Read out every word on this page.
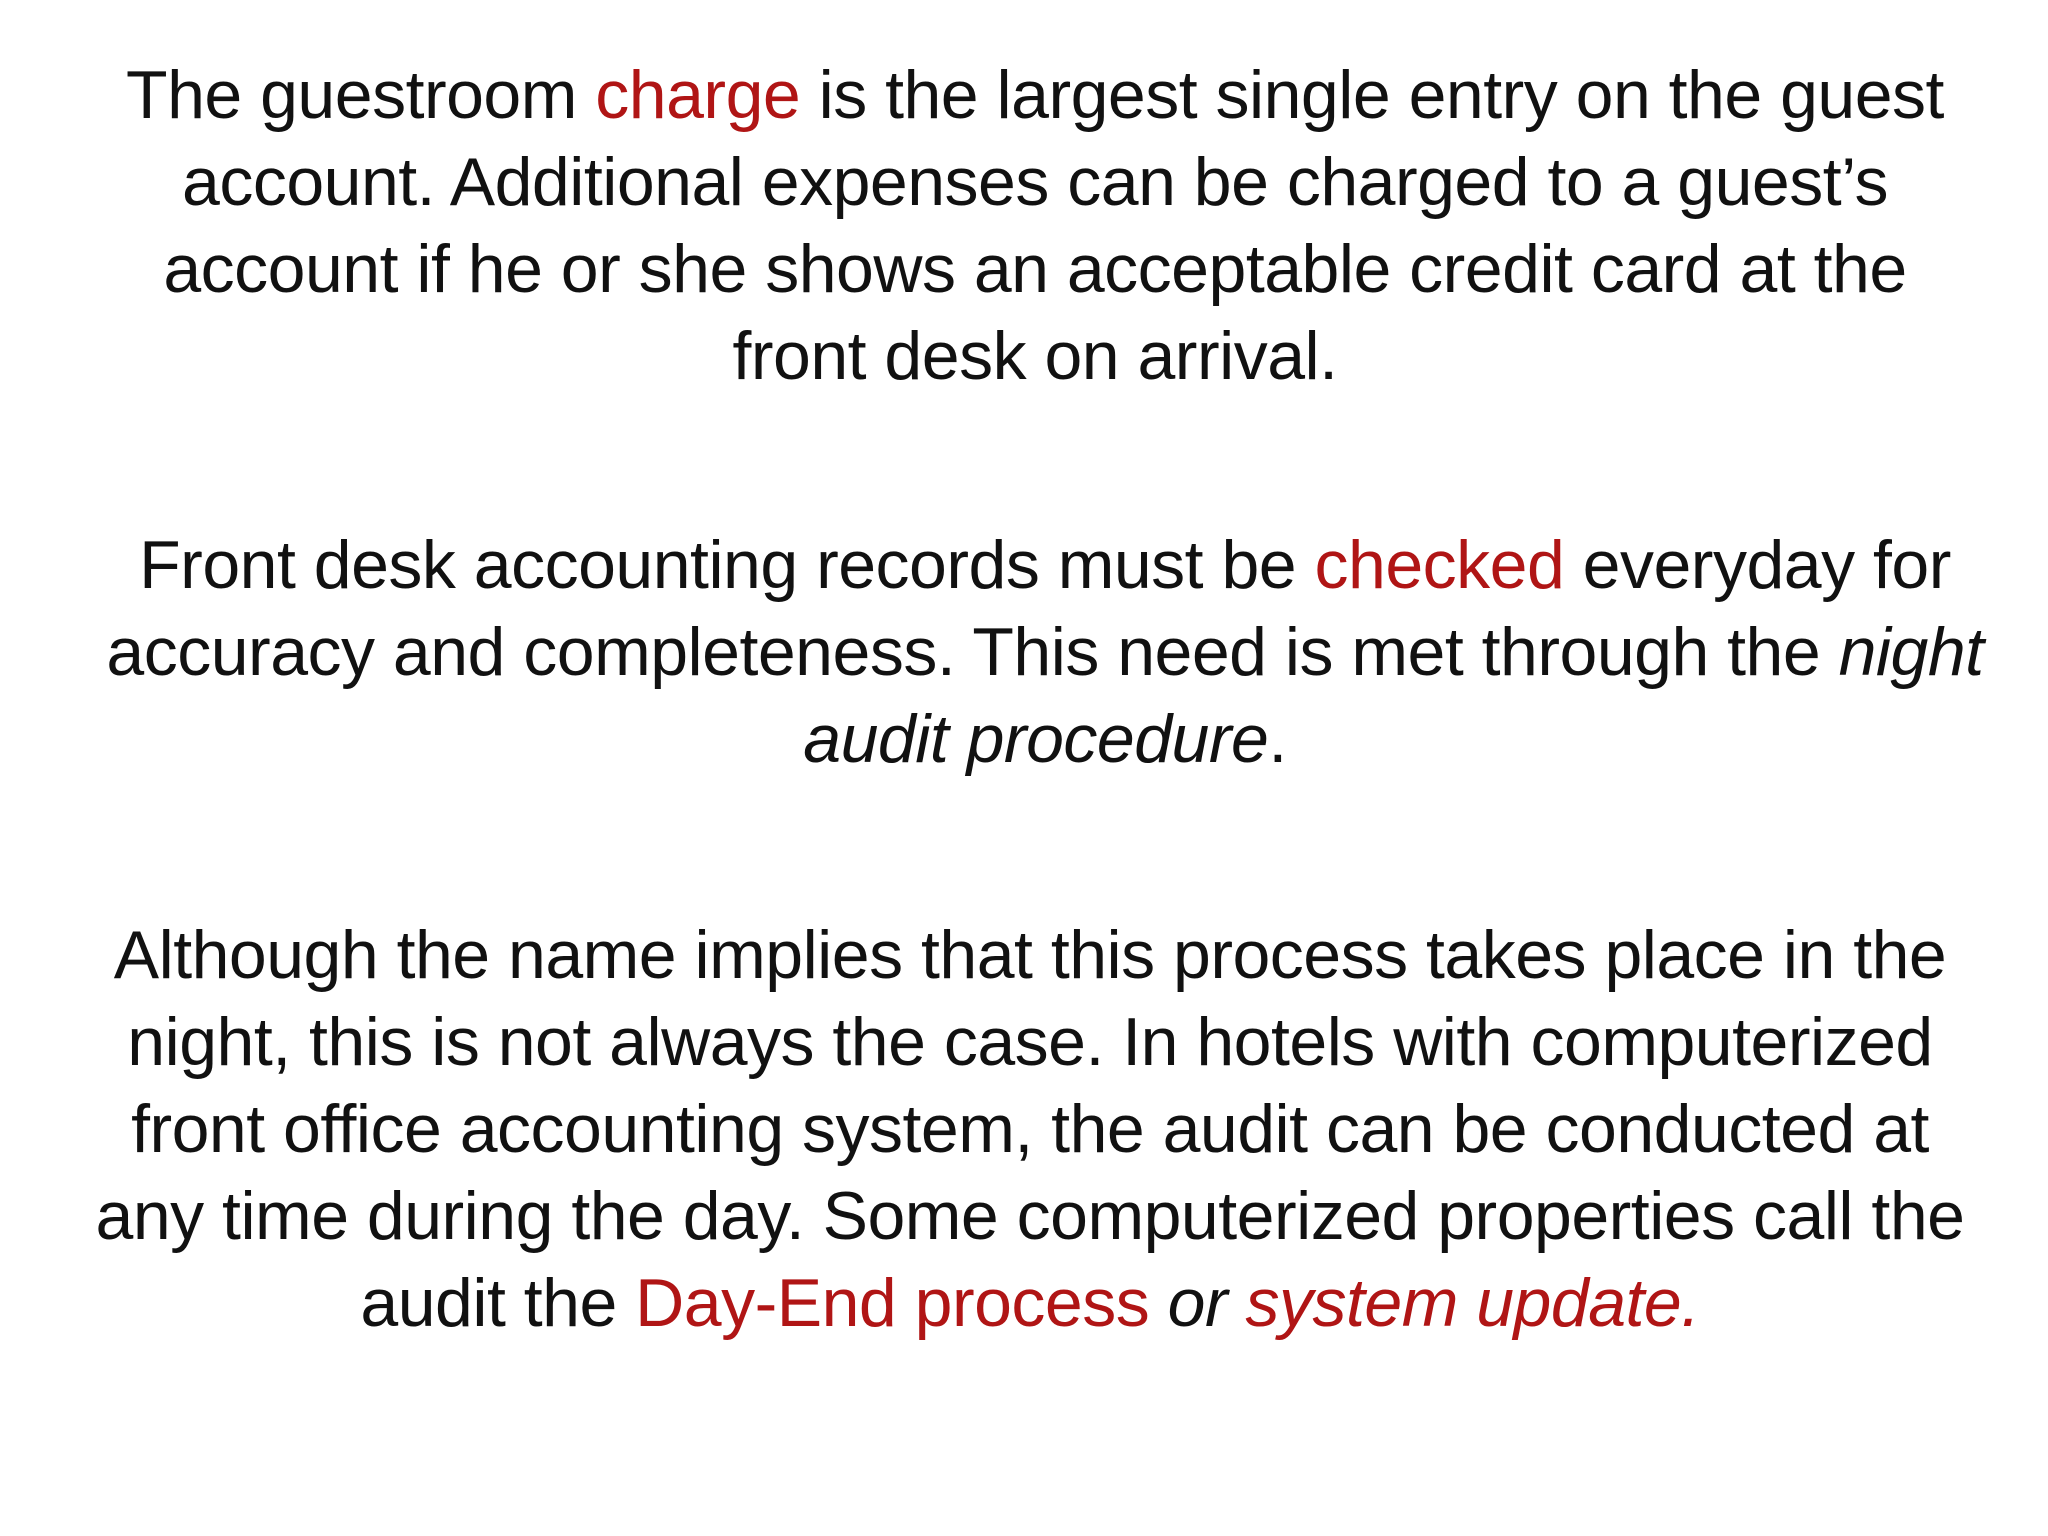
The guestroom charge is the largest single entry on the guest account. Additional expenses can be charged to a guest’s account if he or she shows an acceptable credit card at the front desk on arrival.

Front desk accounting records must be checked everyday for accuracy and completeness. This need is met through the night audit procedure.

Although the name implies that this process takes place in the night, this is not always the case. In hotels with computerized front office accounting system, the audit can be conducted at any time during the day. Some computerized properties call the audit the Day-End process or system update.
